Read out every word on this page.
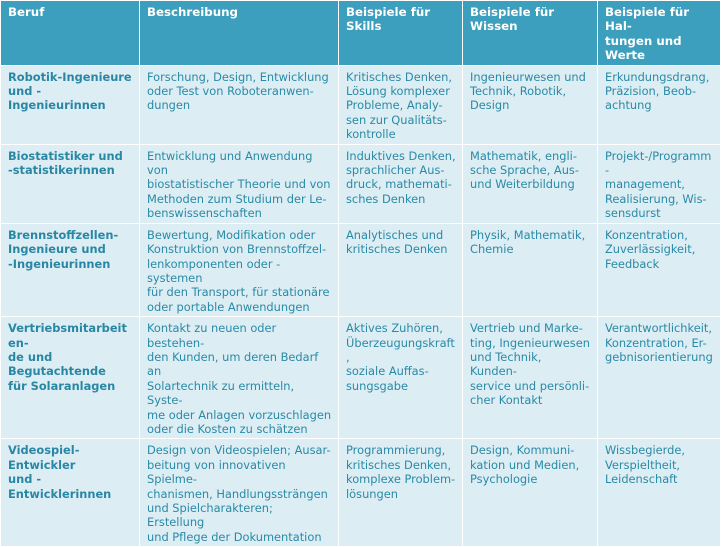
Beruf	Beschreibung	Beispiele für Skills	Beispiele für
Wissen	Beispiele für Hal-
tungen und Werte

Robotik-Ingenieure
und -Ingenieurinnen	Forschung, Design, Entwicklung
oder Test von Roboteranwen-
dungen	Kritisches Denken,
Lösung komplexer
Probleme, Analy-
sen zur Qualitäts-
kontrolle	Ingenieurwesen und
Technik, Robotik,
Design	Erkundungsdrang,
Präzision, Beob-
achtung

Biostatistiker und
-statistikerinnen	Entwicklung und Anwendung von
biostatistischer Theorie und von
Methoden zum Studium der Le-
benswissenschaften	Induktives Denken,
sprachlicher Aus-
druck, mathemati-
sches Denken	Mathematik, engli-
sche Sprache, Aus-
und Weiterbildung	Projekt-/Programm-
management,
Realisierung, Wis-
sensdurst

Brennstoffzellen-
Ingenieure und
-Ingenieurinnen	Bewertung, Modifikation oder
Konstruktion von Brennstoffzel-
lenkomponenten oder -systemen
für den Transport, für stationäre
oder portable Anwendungen	Analytisches und
kritisches Denken	Physik, Mathematik,
Chemie	Konzentration,
Zuverlässigkeit,
Feedback

Vertriebsmitarbeiten-
de und Begutachtende
für Solaranlagen	Kontakt zu neuen oder bestehen-
den Kunden, um deren Bedarf an
Solartechnik zu ermitteln, Syste-
me oder Anlagen vorzuschlagen
oder die Kosten zu schätzen	Aktives Zuhören,
Überzeugungskraft,
soziale Auffas-
sungsgabe	Vertrieb und Marke-
ting, Ingenieurwesen
und Technik, Kunden-
service und persönli-
cher Kontakt	Verantwortlichkeit,
Konzentration, Er-
gebnisorientierung

Videospiel-Entwickler
und -Entwicklerinnen	Design von Videospielen; Ausar-
beitung von innovativen Spielme-
chanismen, Handlungssträngen
und Spielcharakteren; Erstellung
und Pflege der Dokumentation	Programmierung,
kritisches Denken,
komplexe Problem-
lösungen	Design, Kommuni-
kation und Medien,
Psychologie	Wissbegierde,
Verspieltheit,
Leidenschaft
